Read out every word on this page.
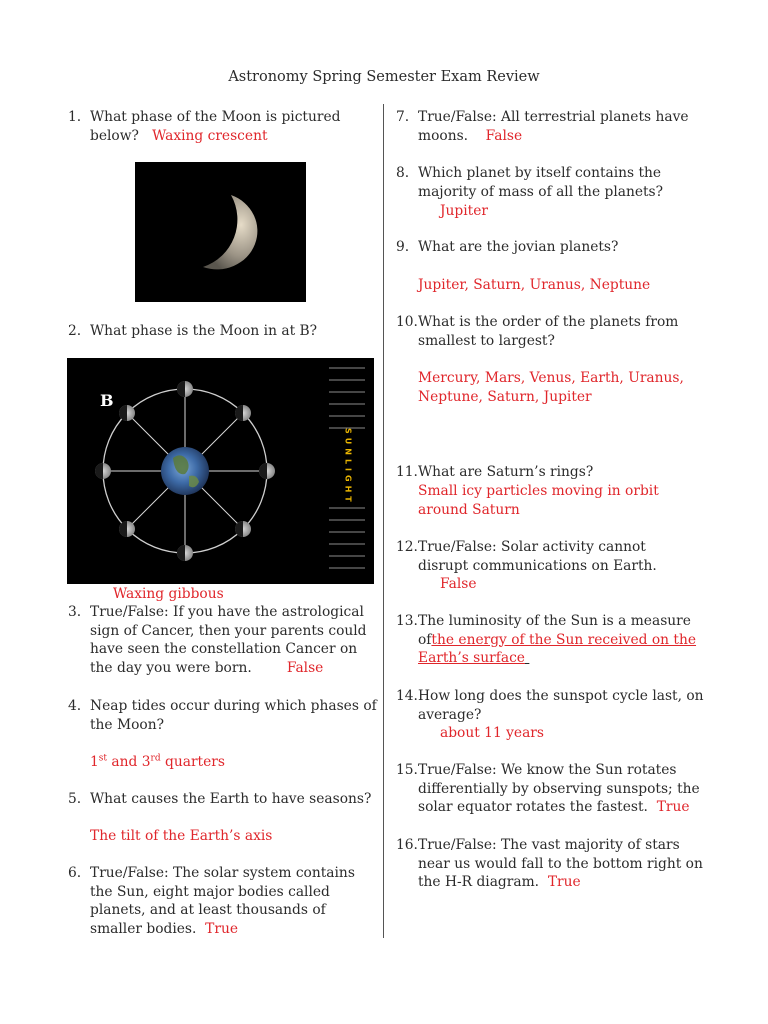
Astronomy Spring Semester Exam Review
1. What phase of the Moon is pictured below? Waxing crescent
2. What phase is the Moon in at B?
B
SUNLIGHT
Waxing gibbous
3. True/False: If you have the astrological sign of Cancer, then your parents could have seen the constellation Cancer on the day you were born.	False
4. Neap tides occur during which phases of the Moon?
1st and 3rd quarters
5. What causes the Earth to have seasons?
The tilt of the Earth’s axis
6. True/False: The solar system contains the Sun, eight major bodies called planets, and at least thousands of smaller bodies. True
7. True/False: All terrestrial planets have moons. False
8. Which planet by itself contains the majority of mass of all the planets?
Jupiter
9. What are the jovian planets?
Jupiter, Saturn, Uranus, Neptune
10. What is the order of the planets from smallest to largest?
Mercury, Mars, Venus, Earth, Uranus, Neptune, Saturn, Jupiter
11. What are Saturn’s rings?
Small icy particles moving in orbit around Saturn
12. True/False: Solar activity cannot disrupt communications on Earth.
False
13. The luminosity of the Sun is a measure ofthe energy of the Sun received on the Earth’s surface
14. How long does the sunspot cycle last, on average?
about 11 years
15. True/False: We know the Sun rotates differentially by observing sunspots; the solar equator rotates the fastest. True
16. True/False: The vast majority of stars near us would fall to the bottom right on the H-R diagram. True
